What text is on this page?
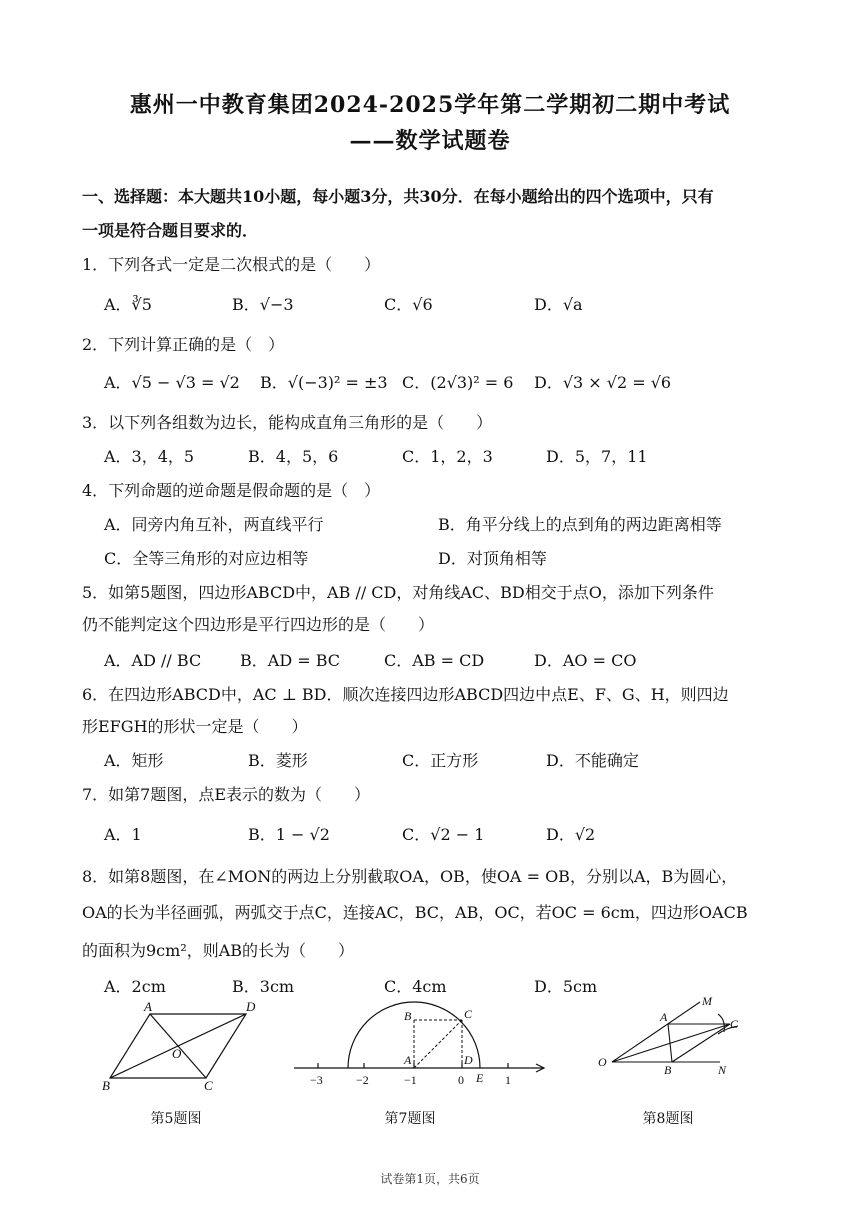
惠州一中教育集团2024-2025学年第二学期初二期中考试
——数学试题卷
一、选择题：本大题共10小题，每小题3分，共30分．在每小题给出的四个选项中，只有
一项是符合题目要求的．
1．下列各式一定是二次根式的是（　　）
A．∛5	B．√−3	C．√6	D．√a
2．下列计算正确的是（　）
A．√5 − √3 = √2 B．√(−3)² = ±3 C．(2√3)² = 6 D．√3 × √2 = √6
3．以下列各组数为边长，能构成直角三角形的是（　　）
A．3，4，5	B．4，5，6	C．1，2，3	D．5，7，11
4．下列命题的逆命题是假命题的是（　）
A．同旁内角互补，两直线平行	B．角平分线上的点到角的两边距离相等
C．全等三角形的对应边相等	D．对顶角相等
5．如第5题图，四边形ABCD中，AB // CD，对角线AC、BD相交于点O，添加下列条件
仍不能判定这个四边形是平行四边形的是（　　）
A．AD // BC B．AD = BC	C．AB = CD	D．AO = CO
6．在四边形ABCD中，AC ⊥ BD．顺次连接四边形ABCD四边中点E、F、G、H，则四边
形EFGH的形状一定是（　　）
A．矩形	B．菱形	C．正方形	D．不能确定
7．如第7题图，点E表示的数为（　　）
A．1	B．1 − √2	C．√2 − 1	D．√2
8．如第8题图，在∠MON的两边上分别截取OA，OB，使OA = OB，分别以A，B为圆心，
OA的长为半径画弧，两弧交于点C，连接AC，BC，AB，OC，若OC = 6cm，四边形OACB
的面积为9cm²，则AB的长为（　　）
A．2cm	B．3cm	C．4cm	D．5cm
A	D
B	C
O
第5题图
B	C
A	D
E
−3	−2	−1	0	1
第7题图
M
A	C
O
B	N
第8题图
试卷第1页，共6页
